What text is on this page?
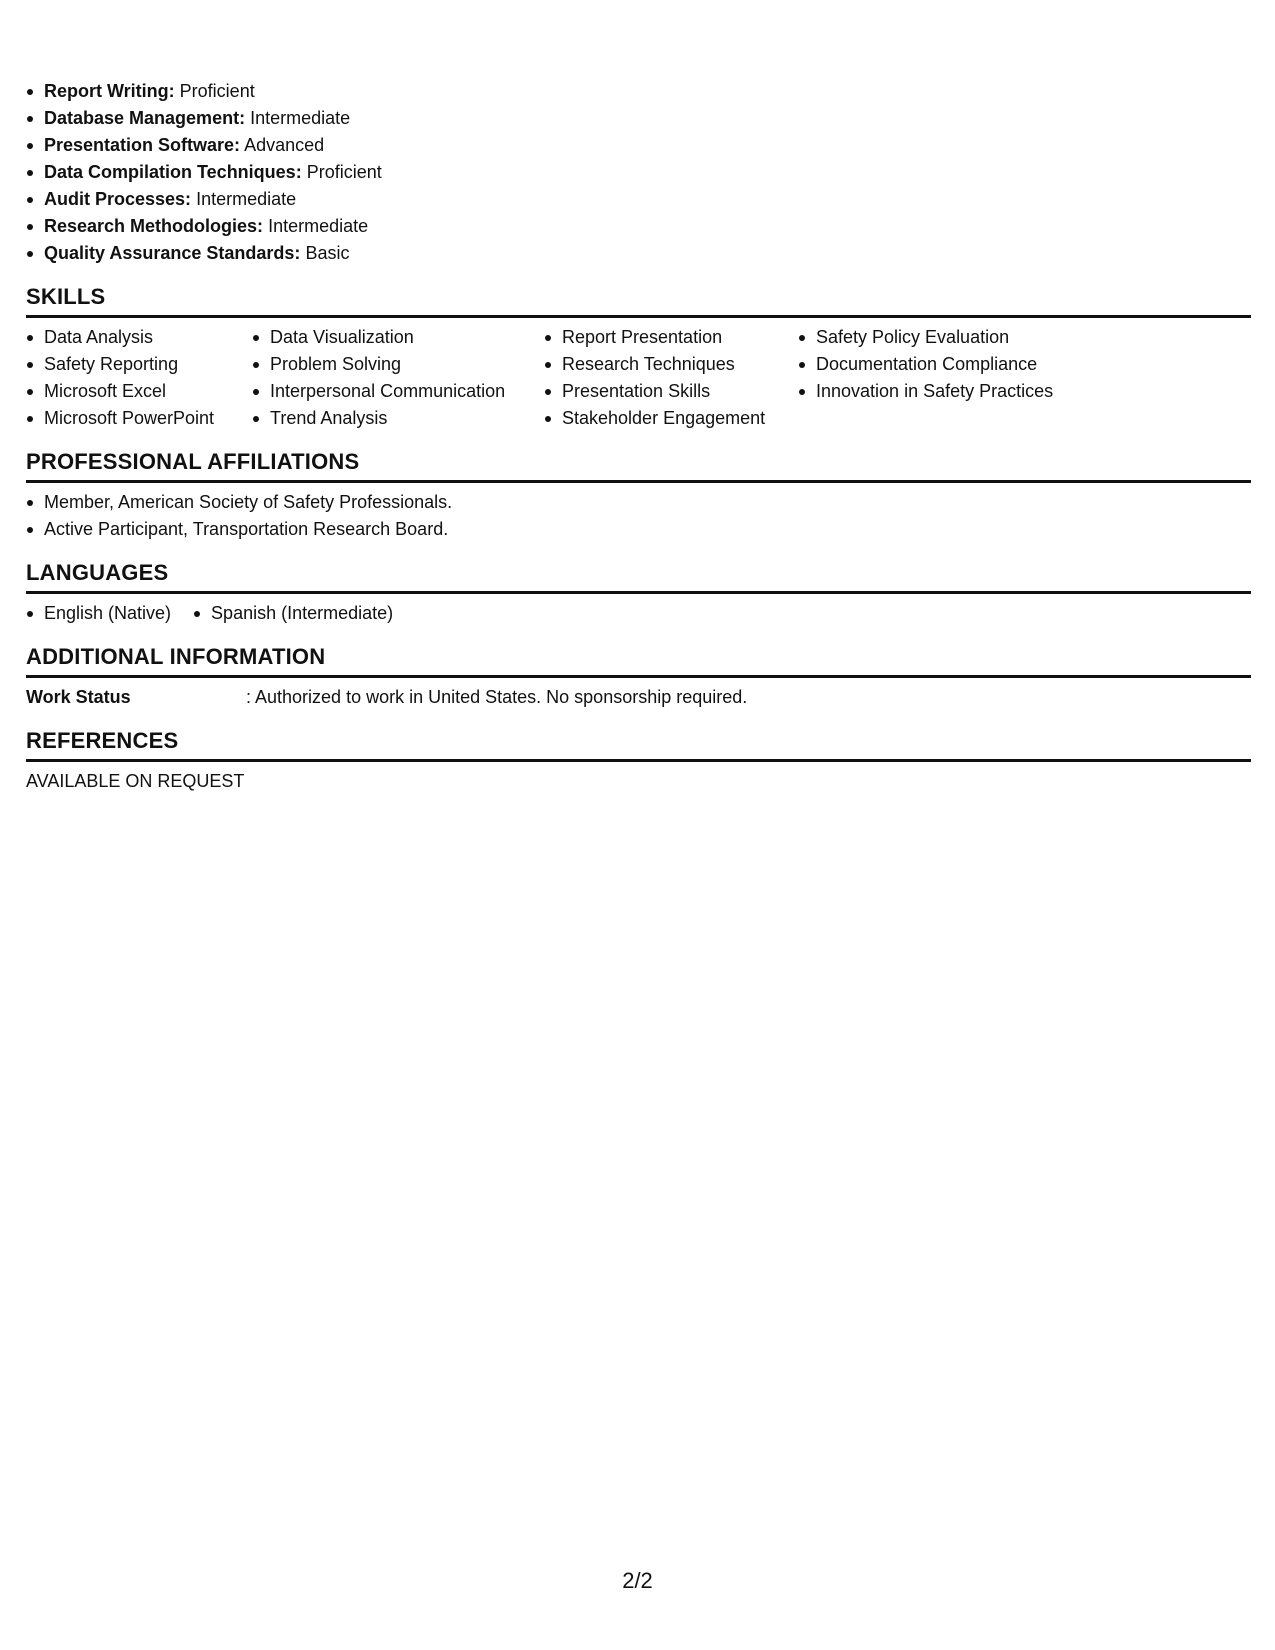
Report Writing: Proficient
Database Management: Intermediate
Presentation Software: Advanced
Data Compilation Techniques: Proficient
Audit Processes: Intermediate
Research Methodologies: Intermediate
Quality Assurance Standards: Basic
SKILLS
Data Analysis
Safety Reporting
Microsoft Excel
Microsoft PowerPoint
Data Visualization
Problem Solving
Interpersonal Communication
Trend Analysis
Report Presentation
Research Techniques
Presentation Skills
Stakeholder Engagement
Safety Policy Evaluation
Documentation Compliance
Innovation in Safety Practices
PROFESSIONAL AFFILIATIONS
Member, American Society of Safety Professionals.
Active Participant, Transportation Research Board.
LANGUAGES
English (Native)	Spanish (Intermediate)
ADDITIONAL INFORMATION
Work Status	: Authorized to work in United States. No sponsorship required.
REFERENCES
AVAILABLE ON REQUEST
2/2
